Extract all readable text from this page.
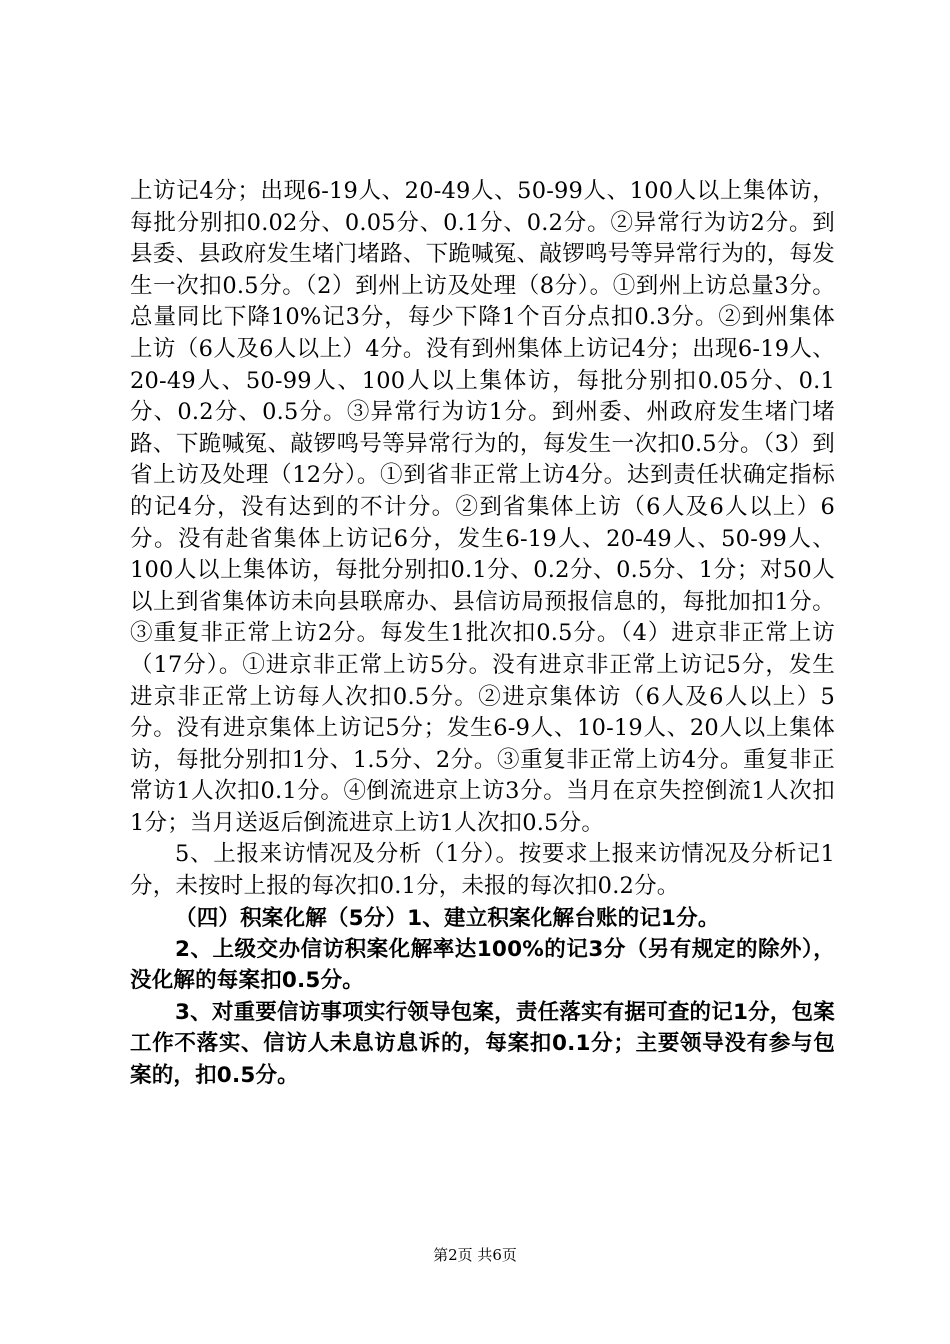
上访记4分；出现6-19人、20-49人、50-99人、100人以上集体访，每批分别扣0.02分、0.05分、0.1分、0.2分。②异常行为访2分。到县委、县政府发生堵门堵路、下跪喊冤、敲锣鸣号等异常行为的，每发生一次扣0.5分。（2）到州上访及处理（8分）。①到州上访总量3分。总量同比下降10%记3分，每少下降1个百分点扣0.3分。②到州集体上访（6人及6人以上）4分。没有到州集体上访记4分；出现6-19人、20-49人、50-99人、100人以上集体访，每批分别扣0.05分、0.1分、0.2分、0.5分。③异常行为访1分。到州委、州政府发生堵门堵路、下跪喊冤、敲锣鸣号等异常行为的，每发生一次扣0.5分。（3）到省上访及处理（12分）。①到省非正常上访4分。达到责任状确定指标的记4分，没有达到的不计分。②到省集体上访（6人及6人以上）6分。没有赴省集体上访记6分，发生6-19人、20-49人、50-99人、100人以上集体访，每批分别扣0.1分、0.2分、0.5分、1分；对50人以上到省集体访未向县联席办、县信访局预报信息的，每批加扣1分。③重复非正常上访2分。每发生1批次扣0.5分。（4）进京非正常上访（17分）。①进京非正常上访5分。没有进京非正常上访记5分，发生进京非正常上访每人次扣0.5分。②进京集体访（6人及6人以上）5分。没有进京集体上访记5分；发生6-9人、10-19人、20人以上集体访，每批分别扣1分、1.5分、2分。③重复非正常上访4分。重复非正常访1人次扣0.1分。④倒流进京上访3分。当月在京失控倒流1人次扣1分；当月送返后倒流进京上访1人次扣0.5分。

5、上报来访情况及分析（1分）。按要求上报来访情况及分析记1分，未按时上报的每次扣0.1分，未报的每次扣0.2分。

（四）积案化解（5分）1、建立积案化解台账的记1分。

2、上级交办信访积案化解率达100%的记3分（另有规定的除外），没化解的每案扣0.5分。

3、对重要信访事项实行领导包案，责任落实有据可查的记1分，包案工作不落实、信访人未息访息诉的，每案扣0.1分；主要领导没有参与包案的，扣0.5分。

第2页 共6页
